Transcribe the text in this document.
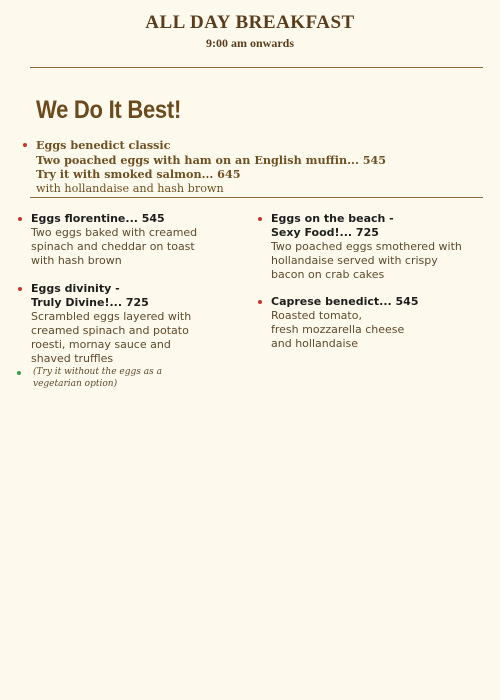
ALL DAY BREAKFAST
9:00 am onwards
We Do It Best!
Eggs benedict classic
Two poached eggs with ham on an English muffin... 545
Try it with smoked salmon... 645
with hollandaise and hash brown
Eggs florentine... 545
Two eggs baked with creamed
spinach and cheddar on toast
with hash brown
Eggs divinity -
Truly Divine!... 725
Scrambled eggs layered with
creamed spinach and potato
roesti, mornay sauce and
shaved truffles
(Try it without the eggs as a
vegetarian option)
Eggs on the beach -
Sexy Food!... 725
Two poached eggs smothered with
hollandaise served with crispy
bacon on crab cakes
Caprese benedict... 545
Roasted tomato,
fresh mozzarella cheese
and hollandaise
